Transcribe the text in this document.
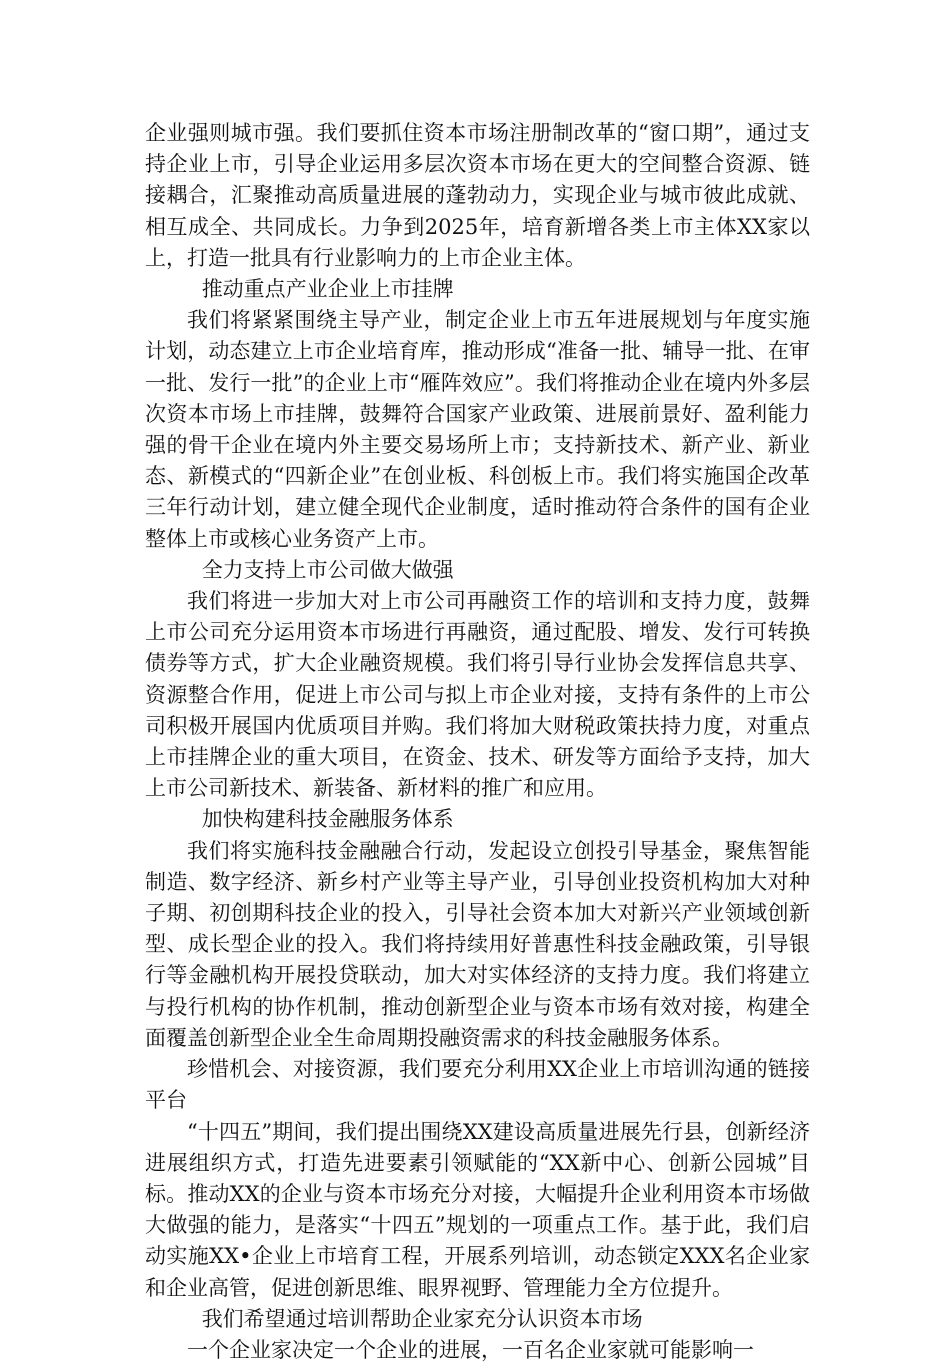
企业强则城市强。我们要抓住资本市场注册制改革的“窗口期”，通过支持企业上市，引导企业运用多层次资本市场在更大的空间整合资源、链接耦合，汇聚推动高质量进展的蓬勃动力，实现企业与城市彼此成就、相互成全、共同成长。力争到2025年，培育新增各类上市主体XX家以上，打造一批具有行业影响力的上市企业主体。

推动重点产业企业上市挂牌

我们将紧紧围绕主导产业，制定企业上市五年进展规划与年度实施计划，动态建立上市企业培育库，推动形成“准备一批、辅导一批、在审一批、发行一批”的企业上市“雁阵效应”。我们将推动企业在境内外多层次资本市场上市挂牌，鼓舞符合国家产业政策、进展前景好、盈利能力强的骨干企业在境内外主要交易场所上市；支持新技术、新产业、新业态、新模式的“四新企业”在创业板、科创板上市。我们将实施国企改革三年行动计划，建立健全现代企业制度，适时推动符合条件的国有企业整体上市或核心业务资产上市。

全力支持上市公司做大做强

我们将进一步加大对上市公司再融资工作的培训和支持力度，鼓舞上市公司充分运用资本市场进行再融资，通过配股、增发、发行可转换债券等方式，扩大企业融资规模。我们将引导行业协会发挥信息共享、资源整合作用，促进上市公司与拟上市企业对接，支持有条件的上市公司积极开展国内优质项目并购。我们将加大财税政策扶持力度，对重点上市挂牌企业的重大项目，在资金、技术、研发等方面给予支持，加大上市公司新技术、新装备、新材料的推广和应用。

加快构建科技金融服务体系

我们将实施科技金融融合行动，发起设立创投引导基金，聚焦智能制造、数字经济、新乡村产业等主导产业，引导创业投资机构加大对种子期、初创期科技企业的投入，引导社会资本加大对新兴产业领域创新型、成长型企业的投入。我们将持续用好普惠性科技金融政策，引导银行等金融机构开展投贷联动，加大对实体经济的支持力度。我们将建立与投行机构的协作机制，推动创新型企业与资本市场有效对接，构建全面覆盖创新型企业全生命周期投融资需求的科技金融服务体系。

珍惜机会、对接资源，我们要充分利用XX企业上市培训沟通的链接平台

“十四五”期间，我们提出围绕XX建设高质量进展先行县，创新经济进展组织方式，打造先进要素引领赋能的“XX新中心、创新公园城”目标。推动XX的企业与资本市场充分对接，大幅提升企业利用资本市场做大做强的能力，是落实“十四五”规划的一项重点工作。基于此，我们启动实施XX•企业上市培育工程，开展系列培训，动态锁定XXX名企业家和企业高管，促进创新思维、眼界视野、管理能力全方位提升。

我们希望通过培训帮助企业家充分认识资本市场

一个企业家决定一个企业的进展，一百名企业家就可能影响一
